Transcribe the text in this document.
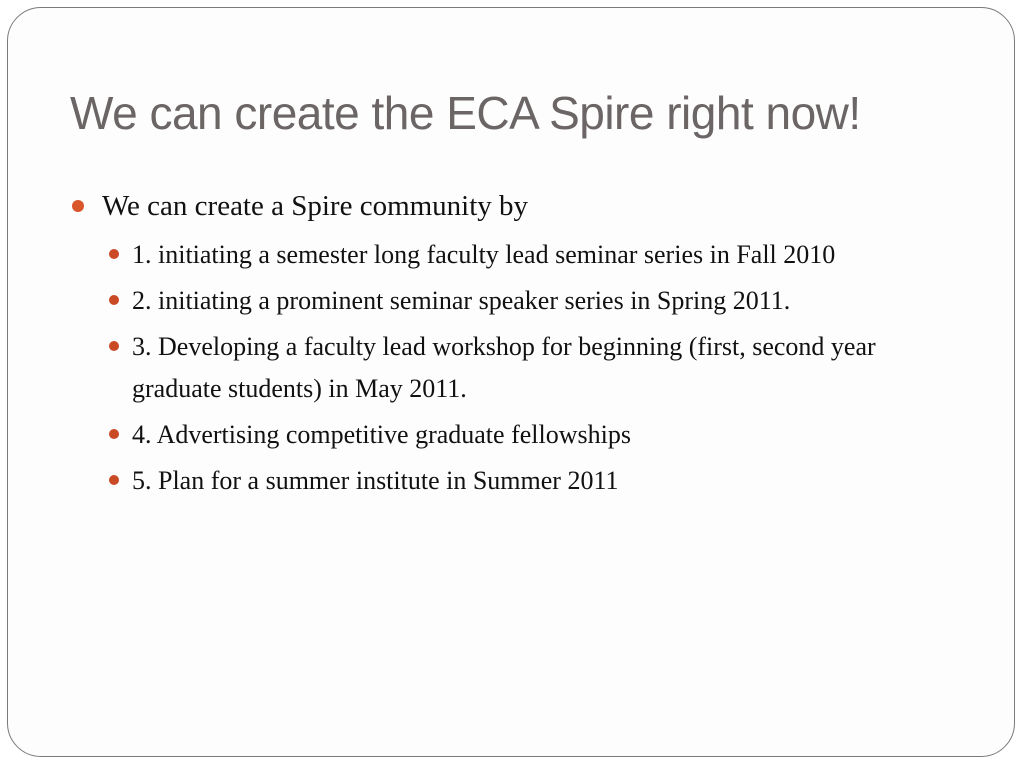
We can create the ECA Spire right now!
We can create a Spire community by
1. initiating a semester long faculty lead seminar series in Fall 2010
2. initiating a prominent seminar speaker series in Spring 2011.
3. Developing a faculty lead workshop for beginning (first, second year graduate students) in May 2011.
4. Advertising competitive graduate fellowships
5. Plan for a summer institute in Summer 2011
